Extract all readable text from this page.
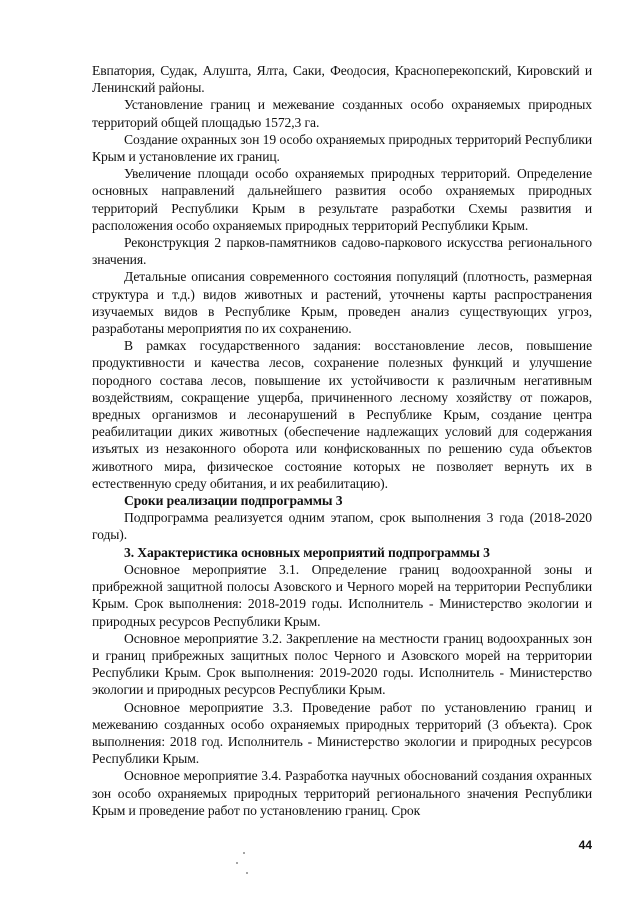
Евпатория, Судак, Алушта, Ялта, Саки, Феодосия, Красноперекопский, Кировский и Ленинский районы.

Установление границ и межевание созданных особо охраняемых природных территорий общей площадью 1572,3 га.

Создание охранных зон 19 особо охраняемых природных территорий Республики Крым и установление их границ.

Увеличение площади особо охраняемых природных территорий. Определение основных направлений дальнейшего развития особо охраняемых природных территорий Республики Крым в результате разработки Схемы развития и расположения особо охраняемых природных территорий Республики Крым.

Реконструкция 2 парков-памятников садово-паркового искусства регионального значения.

Детальные описания современного состояния популяций (плотность, размерная структура и т.д.) видов животных и растений, уточнены карты распространения изучаемых видов в Республике Крым, проведен анализ существующих угроз, разработаны мероприятия по их сохранению.

В рамках государственного задания: восстановление лесов, повышение продуктивности и качества лесов, сохранение полезных функций и улучшение породного состава лесов, повышение их устойчивости к различным негативным воздействиям, сокращение ущерба, причиненного лесному хозяйству от пожаров, вредных организмов и лесонарушений в Республике Крым, создание центра реабилитации диких животных (обеспечение надлежащих условий для содержания изъятых из незаконного оборота или конфискованных по решению суда объектов животного мира, физическое состояние которых не позволяет вернуть их в естественную среду обитания, и их реабилитацию).

Сроки реализации подпрограммы 3

Подпрограмма реализуется одним этапом, срок выполнения 3 года (2018-2020 годы).

3. Характеристика основных мероприятий подпрограммы 3

Основное мероприятие 3.1. Определение границ водоохранной зоны и прибрежной защитной полосы Азовского и Черного морей на территории Республики Крым. Срок выполнения: 2018-2019 годы. Исполнитель - Министерство экологии и природных ресурсов Республики Крым.

Основное мероприятие 3.2. Закрепление на местности границ водоохранных зон и границ прибрежных защитных полос Черного и Азовского морей на территории Республики Крым. Срок выполнения: 2019-2020 годы. Исполнитель - Министерство экологии и природных ресурсов Республики Крым.

Основное мероприятие 3.3. Проведение работ по установлению границ и межеванию созданных особо охраняемых природных территорий (3 объекта). Срок выполнения: 2018 год. Исполнитель - Министерство экологии и природных ресурсов Республики Крым.

Основное мероприятие 3.4. Разработка научных обоснований создания охранных зон особо охраняемых природных территорий регионального значения Республики Крым и проведение работ по установлению границ. Срок

44
